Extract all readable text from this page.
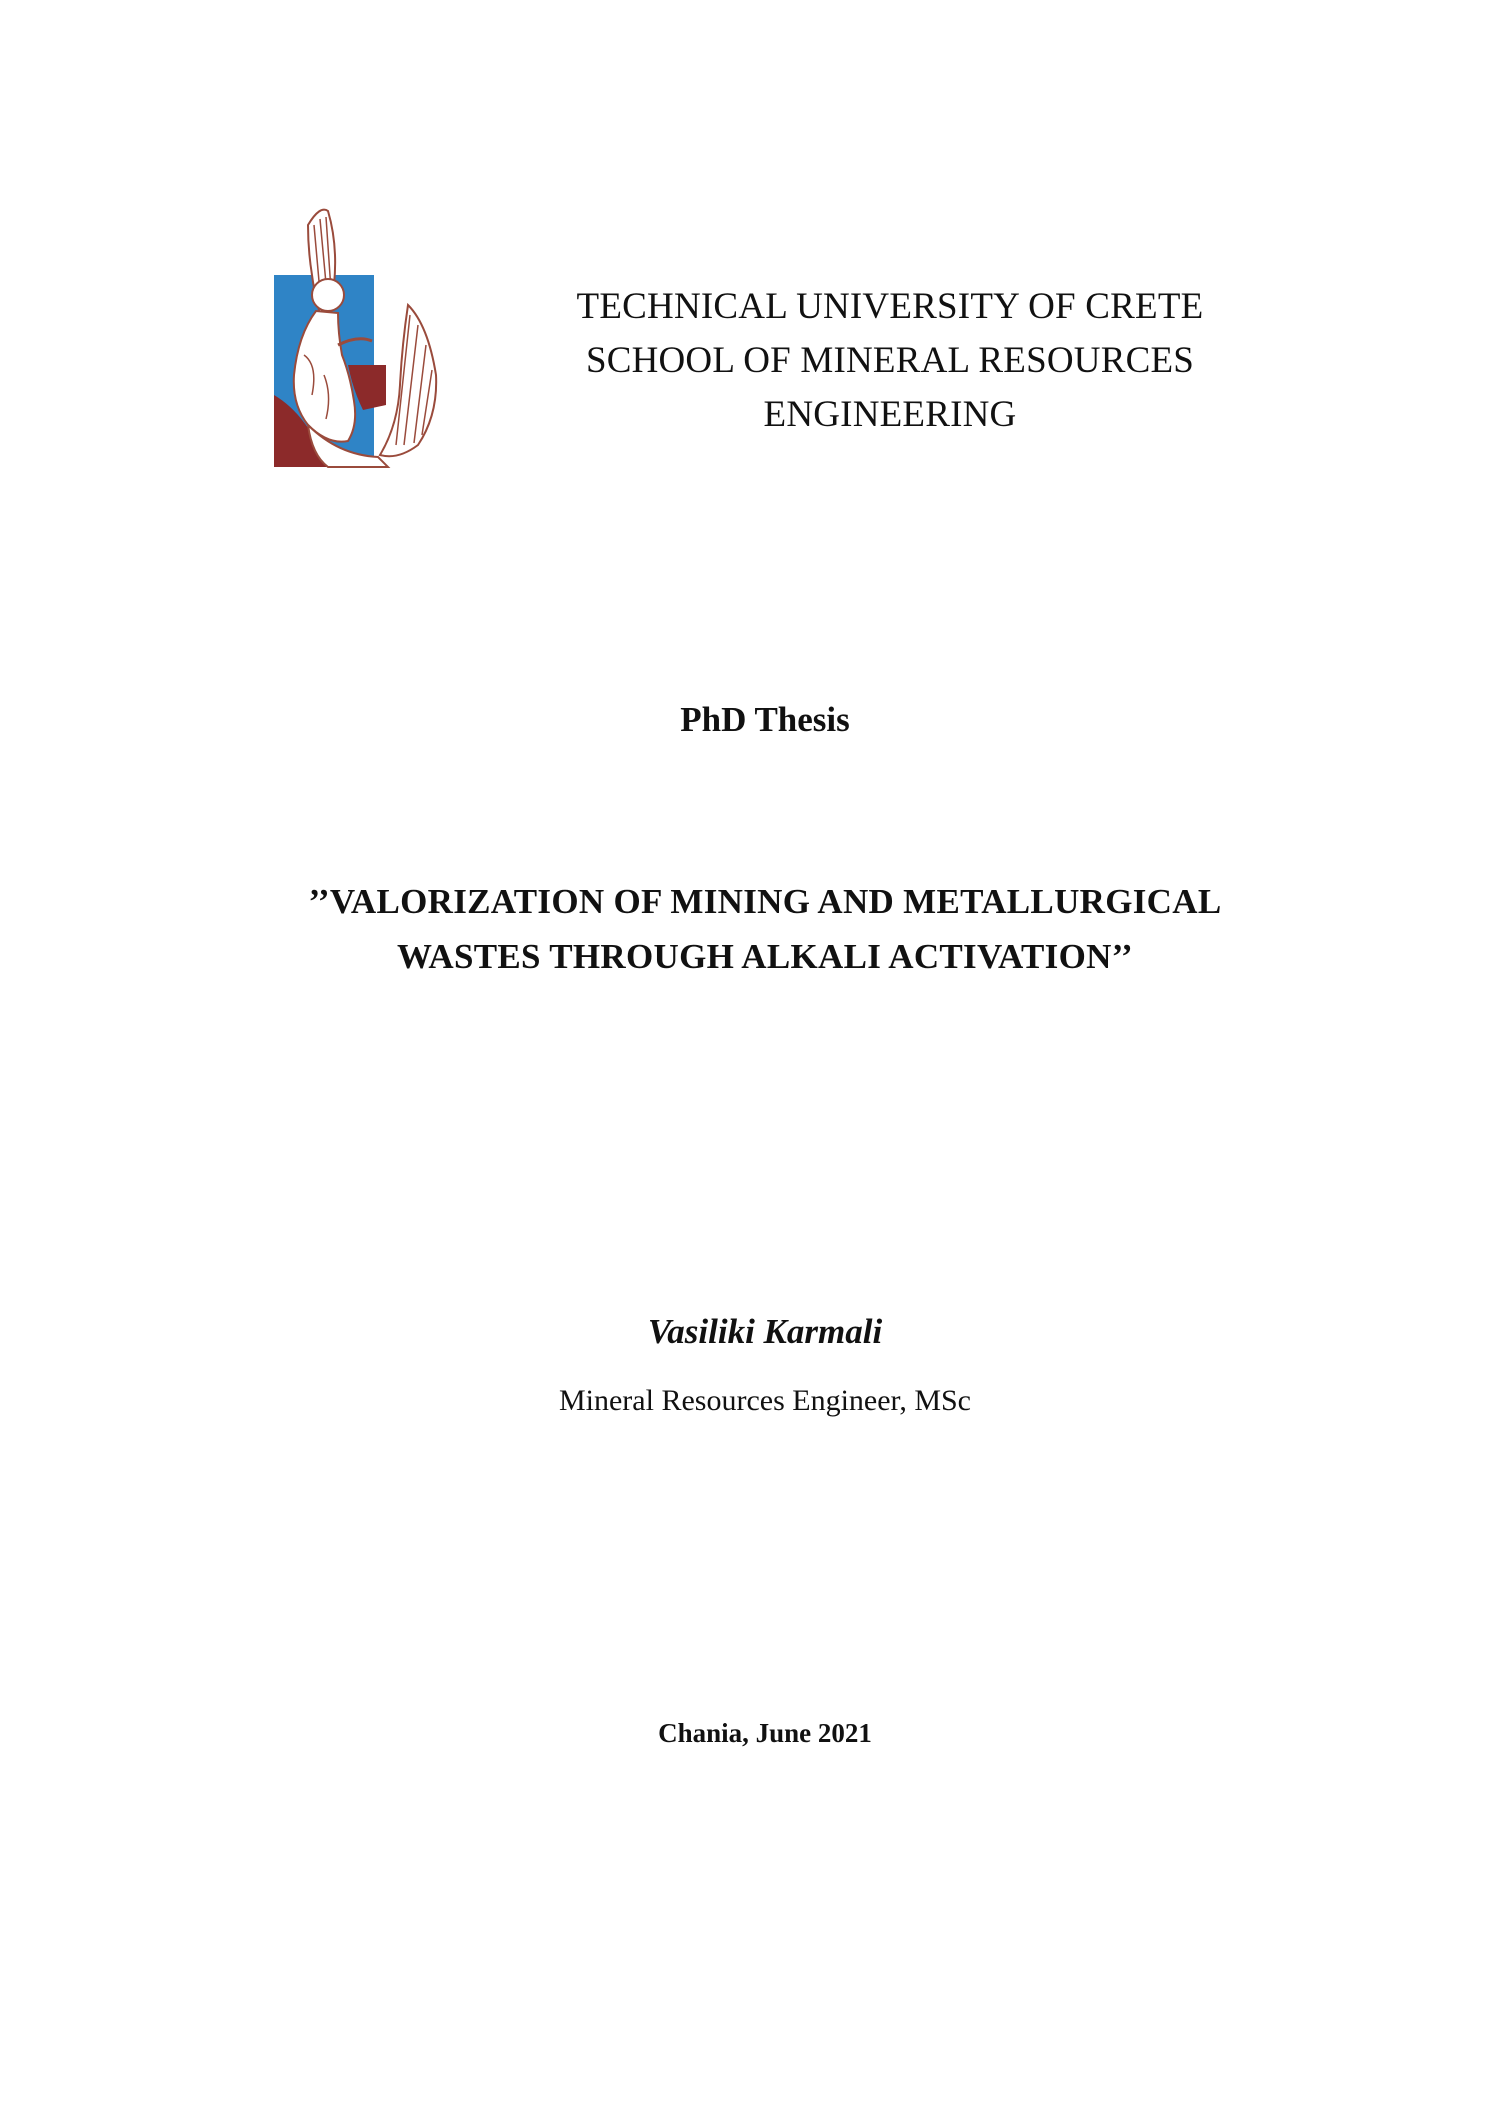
TECHNICAL UNIVERSITY OF CRETE
SCHOOL OF MINERAL RESOURCES
ENGINEERING
PhD Thesis
’’VALORIZATION OF MINING AND METALLURGICAL
WASTES THROUGH ALKALI ACTIVATION’’
Vasiliki Karmali
Mineral Resources Engineer, MSc
Chania, June 2021
